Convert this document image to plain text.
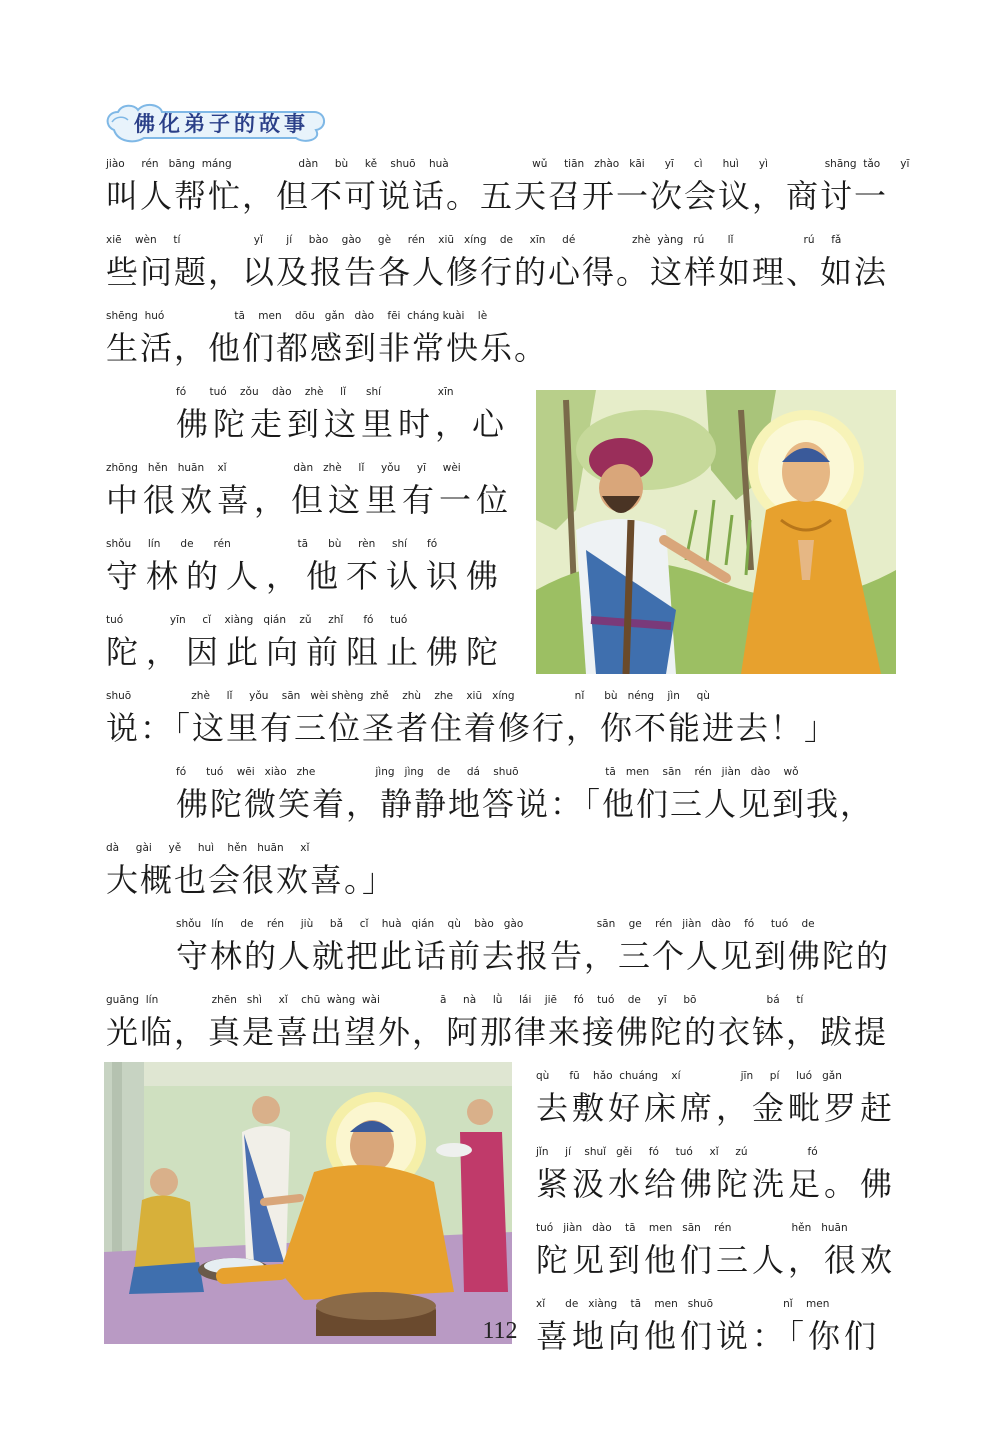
佛化弟子的故事
jiào     rén   bāng  máng                    dàn     bù     kě    shuō    huà                         wǔ     tiān   zhào   kāi      yī      cì      huì      yì                 shāng  tǎo      yī
叫人帮忙，但不可说话。五天召开一次会议，商讨一
xiē    wèn     tí                      yǐ       jí     bào    gào     gè     rén    xiū   xíng    de     xīn     dé                 zhè  yàng   rú       lǐ                     rú     fǎ
些问题，以及报告各人修行的心得。这样如理、如法
shēng  huó                     tā    men    dōu   gǎn   dào    fēi  cháng kuài    lè
生活，他们都感到非常快乐。
fó       tuó    zǒu    dào    zhè     lǐ      shí                 xīn
佛陀走到这里时，心
zhōng   hěn   huān    xǐ                    dàn   zhè     lǐ     yǒu     yī     wèi
中很欢喜，但这里有一位
shǒu     lín      de      rén                    tā      bù     rèn     shí      fó
守林的人，他不认识佛
tuó              yīn     cǐ    xiàng   qián    zǔ     zhǐ      fó     tuó
陀，因此向前阻止佛陀
shuō                  zhè     lǐ     yǒu    sān   wèi shèng  zhě    zhù    zhe    xiū   xíng                  nǐ      bù   néng    jìn     qù
说：「这里有三位圣者住着修行，你不能进去！」
fó      tuó    wēi   xiào   zhe                  jìng   jìng    de     dá    shuō                          tā   men    sān    rén   jiàn   dào    wǒ
佛陀微笑着，静静地答说：「他们三人见到我，
dà     gài     yě     huì    hěn   huān     xǐ
大概也会很欢喜。」
shǒu   lín     de    rén     jiù     bǎ     cǐ    huà   qián    qù    bào   gào                      sān    ge    rén   jiàn   dào    fó     tuó    de
守林的人就把此话前去报告，三个人见到佛陀的
guāng  lín                zhēn   shì     xǐ    chū  wàng  wài                  ā     nà     lǜ     lái    jiē     fó    tuó    de     yī     bō                     bá     tí
光临，真是喜出望外，阿那律来接佛陀的衣钵，跋提
qù      fū    hǎo  chuáng    xí                  jīn     pí     luó   gǎn
去敷好床席，金毗罗赶
jǐn     jí    shuǐ   gěi     fó     tuó     xǐ     zú                  fó
紧汲水给佛陀洗足。佛
tuó   jiàn   dào    tā    men   sān    rén                  hěn   huān
陀见到他们三人，很欢
xǐ      de   xiàng    tā    men   shuō                     nǐ    men
喜地向他们说：「你们
112
